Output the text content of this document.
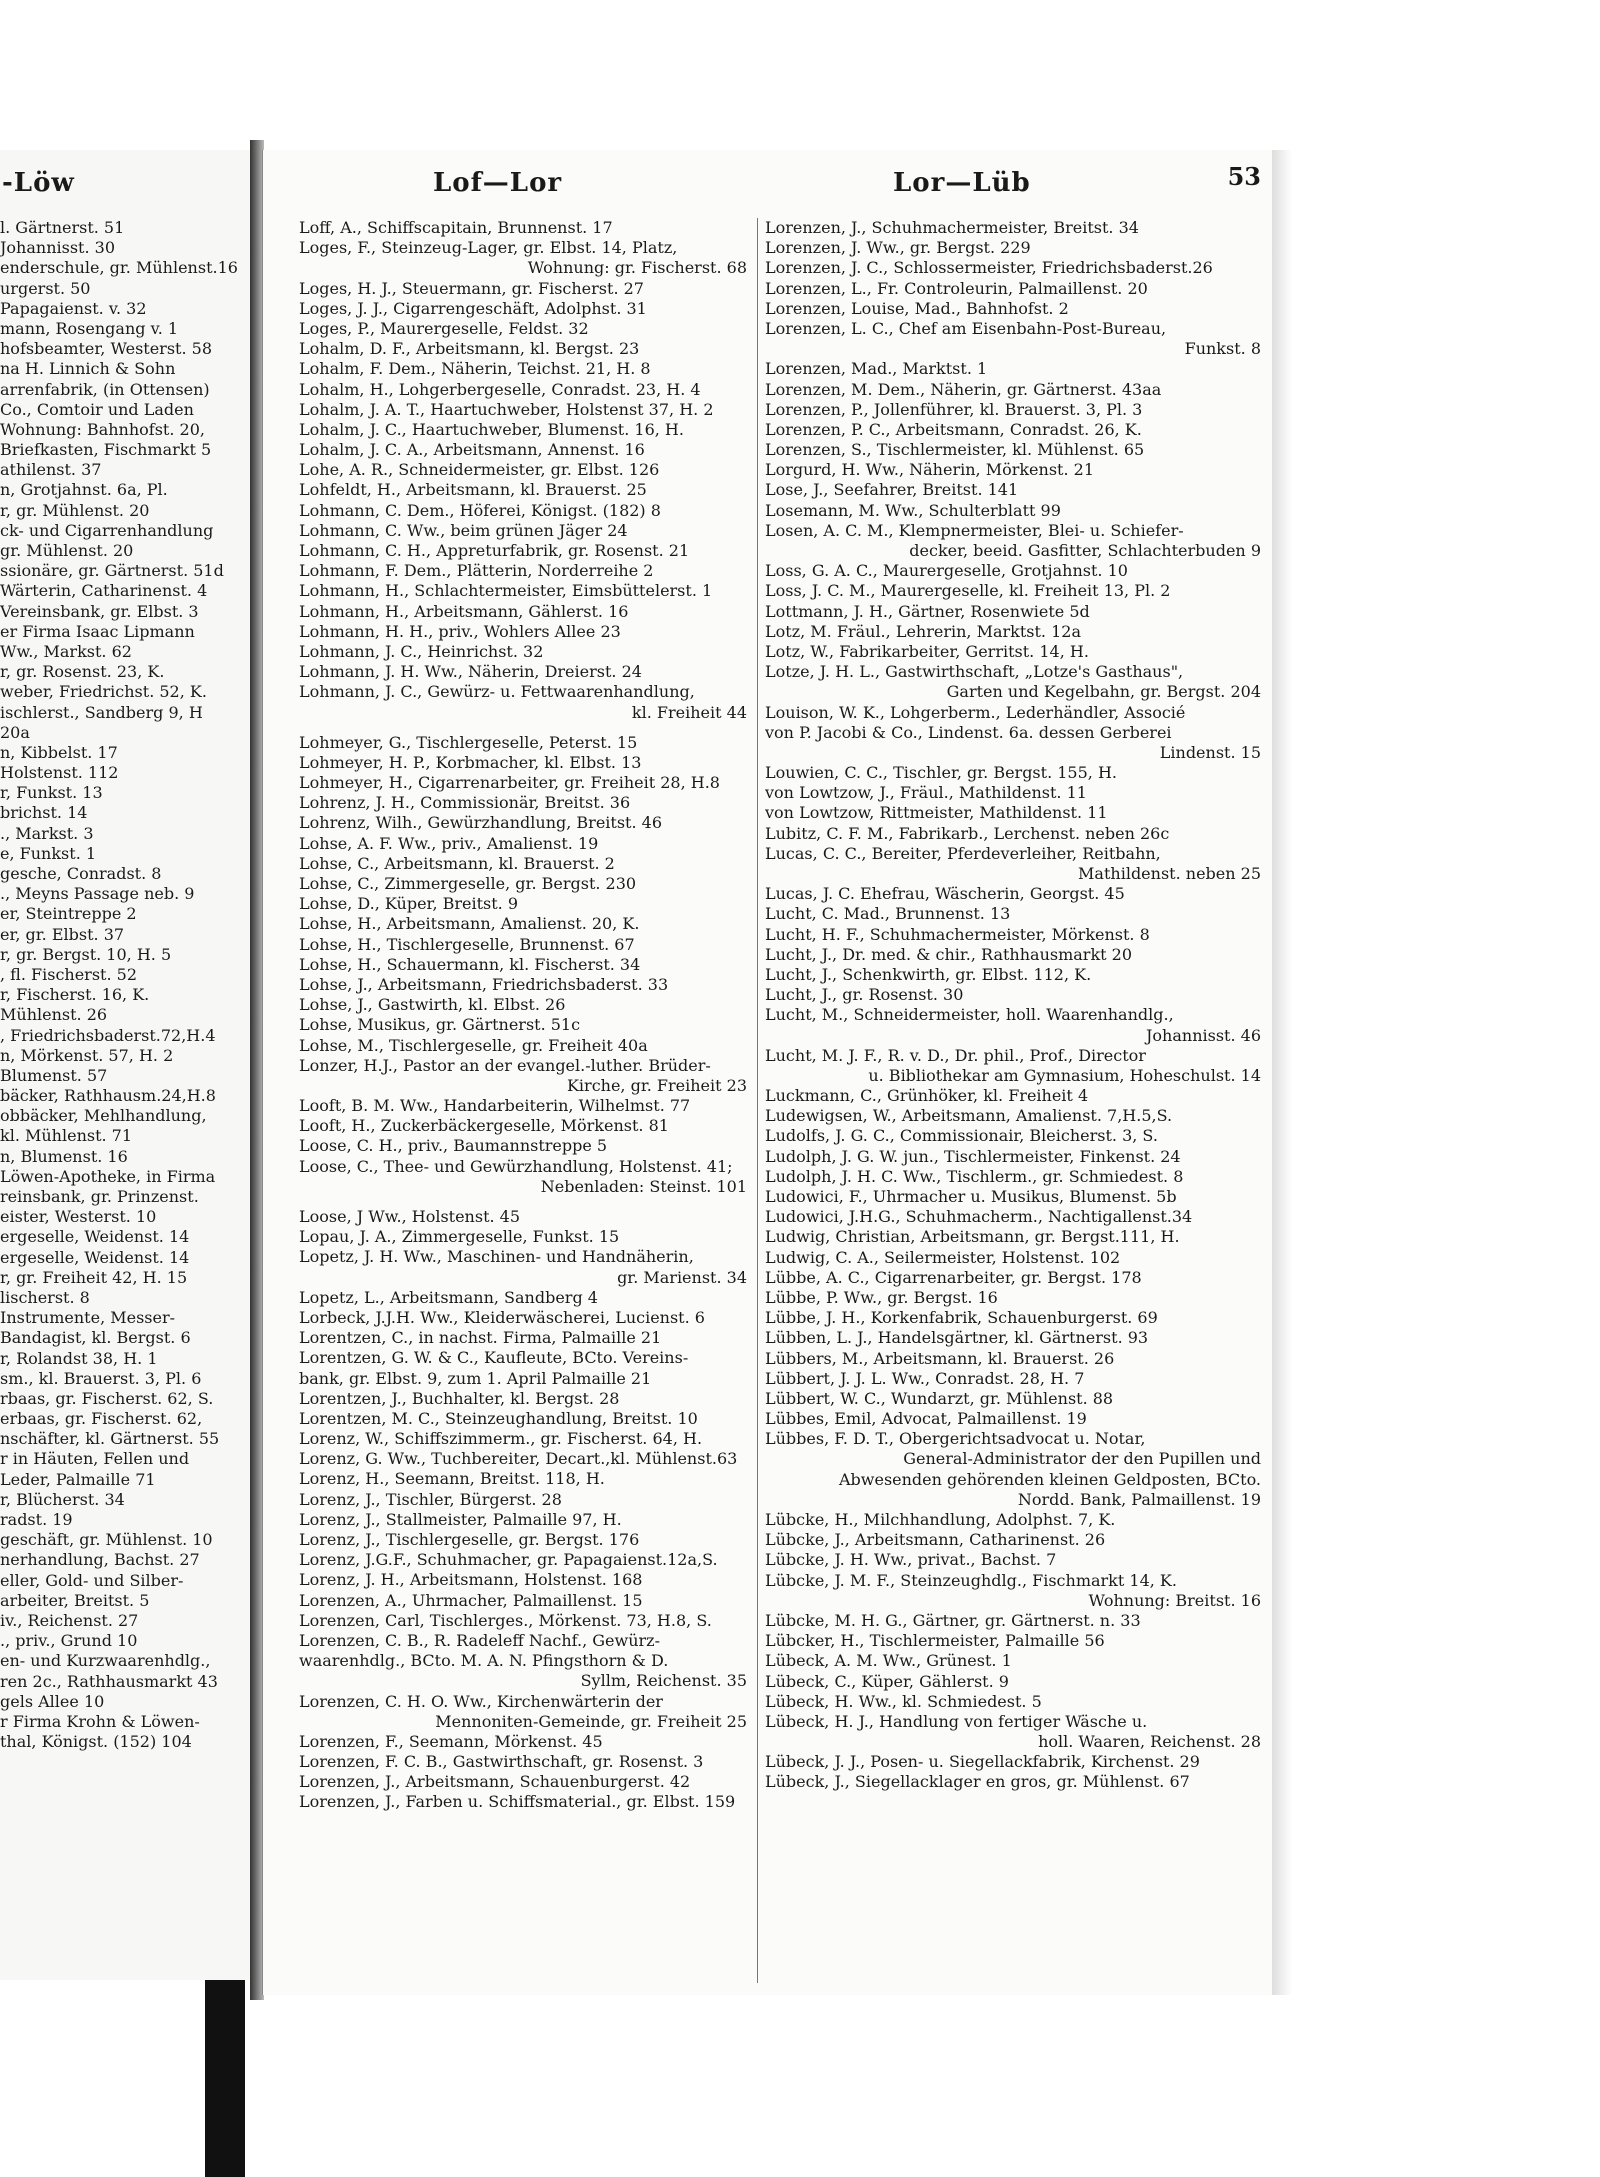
-Löw
l. Gärtnerst. 51
Johannisst. 30
enderschule, gr. Mühlenst.16
urgerst. 50
Papagaienst. v. 32
mann, Rosengang v. 1
hofsbeamter, Westerst. 58
na H. Linnich & Sohn
arrenfabrik, (in Ottensen)
Co., Comtoir und Laden
Wohnung: Bahnhofst. 20,
Briefkasten, Fischmarkt 5
athilenst. 37
n, Grotjahnst. 6a, Pl.
r, gr. Mühlenst. 20
ck- und Cigarrenhandlung
gr. Mühlenst. 20
ssionäre, gr. Gärtnerst. 51d
Wärterin, Catharinenst. 4
Vereinsbank, gr. Elbst. 3
er Firma Isaac Lipmann
Ww., Markst. 62
r, gr. Rosenst. 23, K.
weber, Friedrichst. 52, K.
ischlerst., Sandberg 9, H
20a
n, Kibbelst. 17
Holstenst. 112
r, Funkst. 13
brichst. 14
., Markst. 3
e, Funkst. 1
gesche, Conradst. 8
., Meyns Passage neb. 9
er, Steintreppe 2
er, gr. Elbst. 37
r, gr. Bergst. 10, H. 5
, fl. Fischerst. 52
r, Fischerst. 16, K.
Mühlenst. 26
, Friedrichsbaderst.72,H.4
n, Mörkenst. 57, H. 2
Blumenst. 57
bäcker, Rathhausm.24,H.8
obbäcker, Mehlhandlung,
kl. Mühlenst. 71
n, Blumenst. 16
Löwen-Apotheke, in Firma
reinsbank, gr. Prinzenst.
eister, Westerst. 10
ergeselle, Weidenst. 14
ergeselle, Weidenst. 14
r, gr. Freiheit 42, H. 15
lischerst. 8
Instrumente, Messer-
Bandagist, kl. Bergst. 6
r, Rolandst 38, H. 1
sm., kl. Brauerst. 3, Pl. 6
rbaas, gr. Fischerst. 62, S.
erbaas, gr. Fischerst. 62,
nschäfter, kl. Gärtnerst. 55
r in Häuten, Fellen und
Leder, Palmaille 71
r, Blücherst. 34
radst. 19
geschäft, gr. Mühlenst. 10
nerhandlung, Bachst. 27
eller, Gold- und Silber-
arbeiter, Breitst. 5
iv., Reichenst. 27
., priv., Grund 10
en- und Kurzwaarenhdlg.,
ren 2c., Rathhausmarkt 43
gels Allee 10
r Firma Krohn & Löwen-
thal, Königst. (152) 104
Lof—Lor	Lor—Lüb	53
Loff, A., Schiffscapitain, Brunnenst. 17
Loges, F., Steinzeug-Lager, gr. Elbst. 14, Platz,
Wohnung: gr. Fischerst. 68
Loges, H. J., Steuermann, gr. Fischerst. 27
Loges, J. J., Cigarrengeschäft, Adolphst. 31
Loges, P., Maurergeselle, Feldst. 32
Lohalm, D. F., Arbeitsmann, kl. Bergst. 23
Lohalm, F. Dem., Näherin, Teichst. 21, H. 8
Lohalm, H., Lohgerbergeselle, Conradst. 23, H. 4
Lohalm, J. A. T., Haartuchweber, Holstenst 37, H. 2
Lohalm, J. C., Haartuchweber, Blumenst. 16, H.
Lohalm, J. C. A., Arbeitsmann, Annenst. 16
Lohe, A. R., Schneidermeister, gr. Elbst. 126
Lohfeldt, H., Arbeitsmann, kl. Brauerst. 25
Lohmann, C. Dem., Höferei, Königst. (182) 8
Lohmann, C. Ww., beim grünen Jäger 24
Lohmann, C. H., Appreturfabrik, gr. Rosenst. 21
Lohmann, F. Dem., Plätterin, Norderreihe 2
Lohmann, H., Schlachtermeister, Eimsbüttelerst. 1
Lohmann, H., Arbeitsmann, Gählerst. 16
Lohmann, H. H., priv., Wohlers Allee 23
Lohmann, J. C., Heinrichst. 32
Lohmann, J. H. Ww., Näherin, Dreierst. 24
Lohmann, J. C., Gewürz- u. Fettwaarenhandlung,
kl. Freiheit 44
Lohmeyer, G., Tischlergeselle, Peterst. 15
Lohmeyer, H. P., Korbmacher, kl. Elbst. 13
Lohmeyer, H., Cigarrenarbeiter, gr. Freiheit 28, H.8
Lohrenz, J. H., Commissionär, Breitst. 36
Lohrenz, Wilh., Gewürzhandlung, Breitst. 46
Lohse, A. F. Ww., priv., Amalienst. 19
Lohse, C., Arbeitsmann, kl. Brauerst. 2
Lohse, C., Zimmergeselle, gr. Bergst. 230
Lohse, D., Küper, Breitst. 9
Lohse, H., Arbeitsmann, Amalienst. 20, K.
Lohse, H., Tischlergeselle, Brunnenst. 67
Lohse, H., Schauermann, kl. Fischerst. 34
Lohse, J., Arbeitsmann, Friedrichsbaderst. 33
Lohse, J., Gastwirth, kl. Elbst. 26
Lohse, Musikus, gr. Gärtnerst. 51c
Lohse, M., Tischlergeselle, gr. Freiheit 40a
Lonzer, H.J., Pastor an der evangel.-luther. Brüder-
Kirche, gr. Freiheit 23
Looft, B. M. Ww., Handarbeiterin, Wilhelmst. 77
Looft, H., Zuckerbäckergeselle, Mörkenst. 81
Loose, C. H., priv., Baumannstreppe 5
Loose, C., Thee- und Gewürzhandlung, Holstenst. 41;
Nebenladen: Steinst. 101
Loose, J Ww., Holstenst. 45
Lopau, J. A., Zimmergeselle, Funkst. 15
Lopetz, J. H. Ww., Maschinen- und Handnäherin,
gr. Marienst. 34
Lopetz, L., Arbeitsmann, Sandberg 4
Lorbeck, J.J.H. Ww., Kleiderwäscherei, Lucienst. 6
Lorentzen, C., in nachst. Firma, Palmaille 21
Lorentzen, G. W. & C., Kaufleute, BCto. Vereins-
bank, gr. Elbst. 9, zum 1. April Palmaille 21
Lorentzen, J., Buchhalter, kl. Bergst. 28
Lorentzen, M. C., Steinzeughandlung, Breitst. 10
Lorenz, W., Schiffszimmerm., gr. Fischerst. 64, H.
Lorenz, G. Ww., Tuchbereiter, Decart.,kl. Mühlenst.63
Lorenz, H., Seemann, Breitst. 118, H.
Lorenz, J., Tischler, Bürgerst. 28
Lorenz, J., Stallmeister, Palmaille 97, H.
Lorenz, J., Tischlergeselle, gr. Bergst. 176
Lorenz, J.G.F., Schuhmacher, gr. Papagaienst.12a,S.
Lorenz, J. H., Arbeitsmann, Holstenst. 168
Lorenzen, A., Uhrmacher, Palmaillenst. 15
Lorenzen, Carl, Tischlerges., Mörkenst. 73, H.8, S.
Lorenzen, C. B., R. Radeleff Nachf., Gewürz-
waarenhdlg., BCto. M. A. N. Pfingsthorn & D.
Syllm, Reichenst. 35
Lorenzen, C. H. O. Ww., Kirchenwärterin der
Mennoniten-Gemeinde, gr. Freiheit 25
Lorenzen, F., Seemann, Mörkenst. 45
Lorenzen, F. C. B., Gastwirthschaft, gr. Rosenst. 3
Lorenzen, J., Arbeitsmann, Schauenburgerst. 42
Lorenzen, J., Farben u. Schiffsmaterial., gr. Elbst. 159
Lorenzen, J., Schuhmachermeister, Breitst. 34
Lorenzen, J. Ww., gr. Bergst. 229
Lorenzen, J. C., Schlossermeister, Friedrichsbaderst.26
Lorenzen, L., Fr. Controleurin, Palmaillenst. 20
Lorenzen, Louise, Mad., Bahnhofst. 2
Lorenzen, L. C., Chef am Eisenbahn-Post-Bureau,
Funkst. 8
Lorenzen, Mad., Marktst. 1
Lorenzen, M. Dem., Näherin, gr. Gärtnerst. 43aa
Lorenzen, P., Jollenführer, kl. Brauerst. 3, Pl. 3
Lorenzen, P. C., Arbeitsmann, Conradst. 26, K.
Lorenzen, S., Tischlermeister, kl. Mühlenst. 65
Lorgurd, H. Ww., Näherin, Mörkenst. 21
Lose, J., Seefahrer, Breitst. 141
Losemann, M. Ww., Schulterblatt 99
Losen, A. C. M., Klempnermeister, Blei- u. Schiefer-
decker, beeid. Gasfitter, Schlachterbuden 9
Loss, G. A. C., Maurergeselle, Grotjahnst. 10
Loss, J. C. M., Maurergeselle, kl. Freiheit 13, Pl. 2
Lottmann, J. H., Gärtner, Rosenwiete 5d
Lotz, M. Fräul., Lehrerin, Marktst. 12a
Lotz, W., Fabrikarbeiter, Gerritst. 14, H.
Lotze, J. H. L., Gastwirthschaft, „Lotze's Gasthaus",
Garten und Kegelbahn, gr. Bergst. 204
Louison, W. K., Lohgerberm., Lederhändler, Associé
von P. Jacobi & Co., Lindenst. 6a. dessen Gerberei
Lindenst. 15
Louwien, C. C., Tischler, gr. Bergst. 155, H.
von Lowtzow, J., Fräul., Mathildenst. 11
von Lowtzow, Rittmeister, Mathildenst. 11
Lubitz, C. F. M., Fabrikarb., Lerchenst. neben 26c
Lucas, C. C., Bereiter, Pferdeverleiher, Reitbahn,
Mathildenst. neben 25
Lucas, J. C. Ehefrau, Wäscherin, Georgst. 45
Lucht, C. Mad., Brunnenst. 13
Lucht, H. F., Schuhmachermeister, Mörkenst. 8
Lucht, J., Dr. med. & chir., Rathhausmarkt 20
Lucht, J., Schenkwirth, gr. Elbst. 112, K.
Lucht, J., gr. Rosenst. 30
Lucht, M., Schneidermeister, holl. Waarenhandlg.,
Johannisst. 46
Lucht, M. J. F., R. v. D., Dr. phil., Prof., Director
u. Bibliothekar am Gymnasium, Hoheschulst. 14
Luckmann, C., Grünhöker, kl. Freiheit 4
Ludewigsen, W., Arbeitsmann, Amalienst. 7,H.5,S.
Ludolfs, J. G. C., Commissionair, Bleicherst. 3, S.
Ludolph, J. G. W. jun., Tischlermeister, Finkenst. 24
Ludolph, J. H. C. Ww., Tischlerm., gr. Schmiedest. 8
Ludowici, F., Uhrmacher u. Musikus, Blumenst. 5b
Ludowici, J.H.G., Schuhmacherm., Nachtigallenst.34
Ludwig, Christian, Arbeitsmann, gr. Bergst.111, H.
Ludwig, C. A., Seilermeister, Holstenst. 102
Lübbe, A. C., Cigarrenarbeiter, gr. Bergst. 178
Lübbe, P. Ww., gr. Bergst. 16
Lübbe, J. H., Korkenfabrik, Schauenburgerst. 69
Lübben, L. J., Handelsgärtner, kl. Gärtnerst. 93
Lübbers, M., Arbeitsmann, kl. Brauerst. 26
Lübbert, J. J. L. Ww., Conradst. 28, H. 7
Lübbert, W. C., Wundarzt, gr. Mühlenst. 88
Lübbes, Emil, Advocat, Palmaillenst. 19
Lübbes, F. D. T., Obergerichtsadvocat u. Notar,
General-Administrator der den Pupillen und
Abwesenden gehörenden kleinen Geldposten, BCto.
Nordd. Bank, Palmaillenst. 19
Lübcke, H., Milchhandlung, Adolphst. 7, K.
Lübcke, J., Arbeitsmann, Catharinenst. 26
Lübcke, J. H. Ww., privat., Bachst. 7
Lübcke, J. M. F., Steinzeughdlg., Fischmarkt 14, K.
Wohnung: Breitst. 16
Lübcke, M. H. G., Gärtner, gr. Gärtnerst. n. 33
Lübcker, H., Tischlermeister, Palmaille 56
Lübeck, A. M. Ww., Grünest. 1
Lübeck, C., Küper, Gählerst. 9
Lübeck, H. Ww., kl. Schmiedest. 5
Lübeck, H. J., Handlung von fertiger Wäsche u.
holl. Waaren, Reichenst. 28
Lübeck, J. J., Posen- u. Siegellackfabrik, Kirchenst. 29
Lübeck, J., Siegellacklager en gros, gr. Mühlenst. 67
